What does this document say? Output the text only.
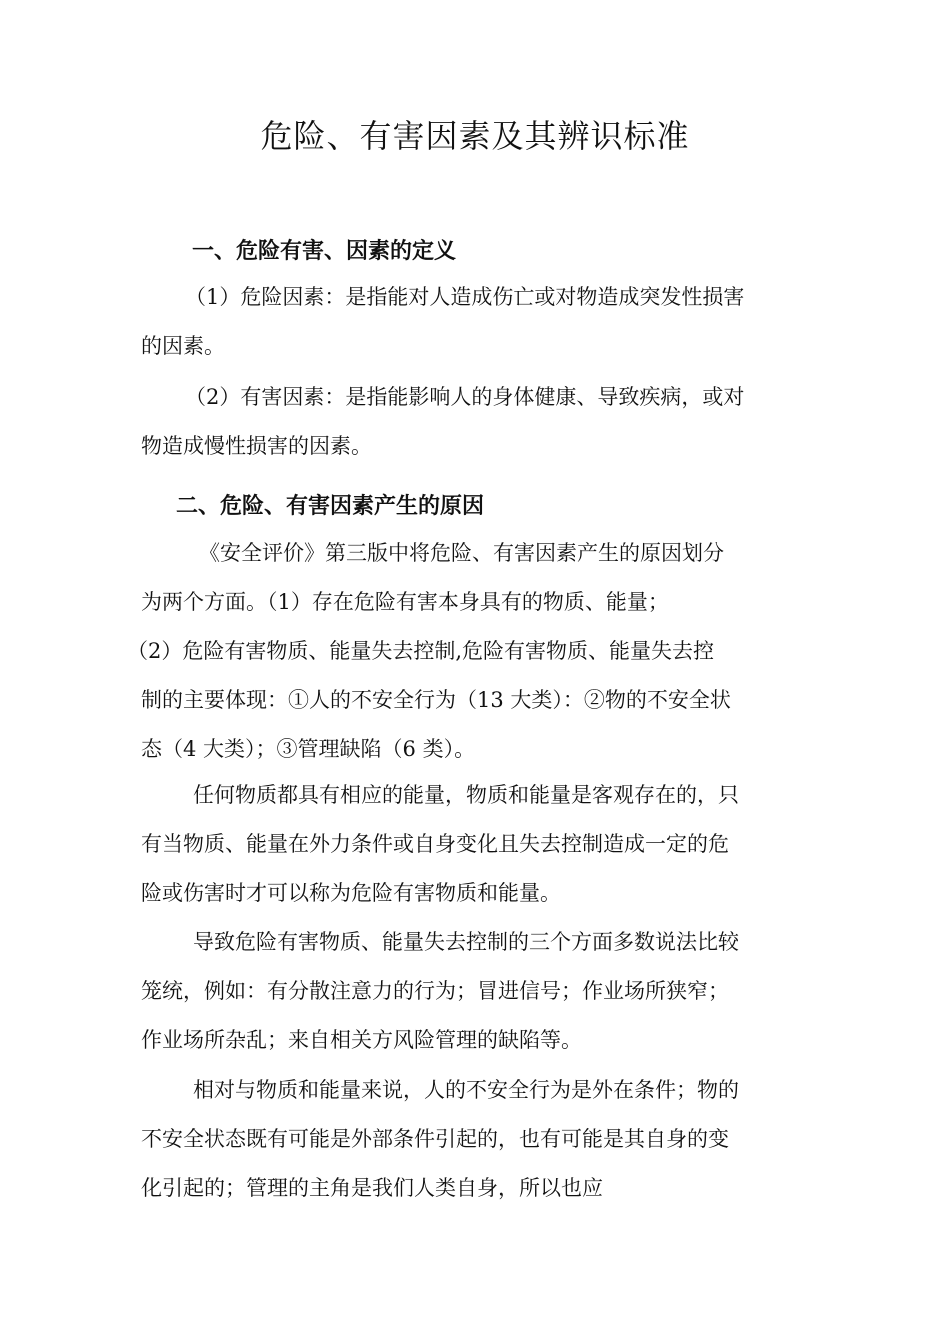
危险、有害因素及其辨识标准
一、危险有害、因素的定义
（1）危险因素：是指能对人造成伤亡或对物造成突发性损害
的因素。
（2）有害因素：是指能影响人的身体健康、导致疾病，或对
物造成慢性损害的因素。
二、危险、有害因素产生的原因
《安全评价》第三版中将危险、有害因素产生的原因划分
为两个方面。（1）存在危险有害本身具有的物质、能量；
（2）危险有害物质、能量失去控制,危险有害物质、能量失去控
制的主要体现：①人的不安全行为（13 大类）：②物的不安全状
态（4 大类）；③管理缺陷（6 类）。
任何物质都具有相应的能量，物质和能量是客观存在的，只
有当物质、能量在外力条件或自身变化且失去控制造成一定的危
险或伤害时才可以称为危险有害物质和能量。
导致危险有害物质、能量失去控制的三个方面多数说法比较
笼统，例如：有分散注意力的行为；冒进信号；作业场所狭窄；
作业场所杂乱；来自相关方风险管理的缺陷等。
相对与物质和能量来说，人的不安全行为是外在条件；物的
不安全状态既有可能是外部条件引起的，也有可能是其自身的变
化引起的；管理的主角是我们人类自身，所以也应
